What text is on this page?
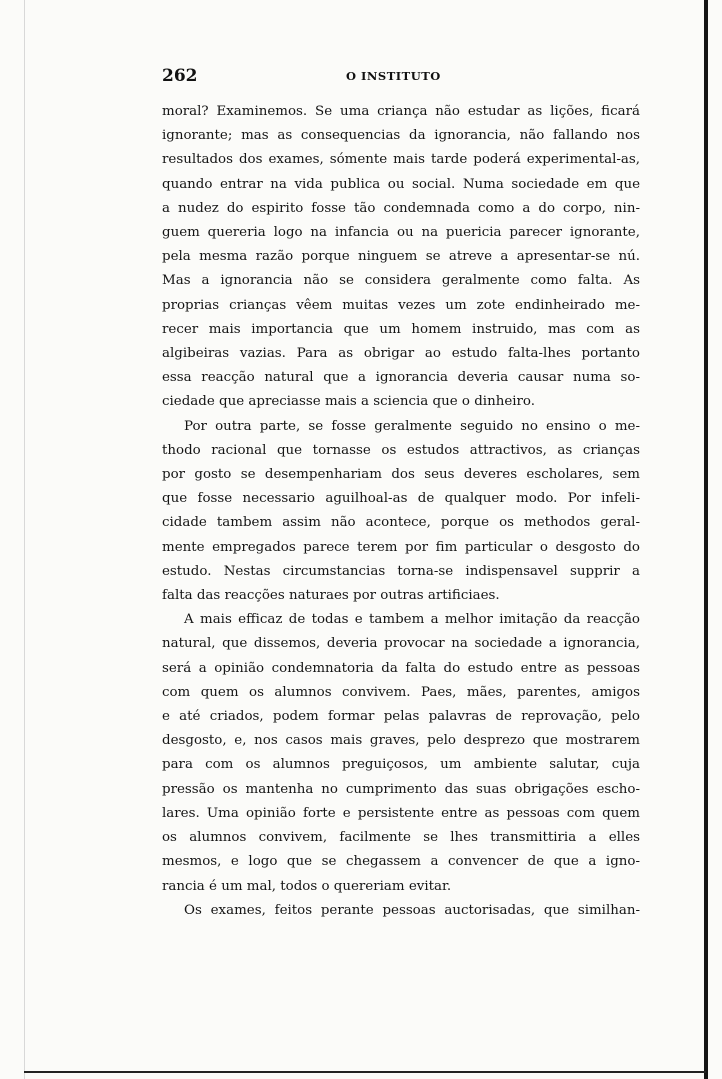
262	O INSTITUTO
moral? Examinemos. Se uma criança não estudar as lições, ficará
ignorante; mas as consequencias da ignorancia, não fallando nos
resultados dos exames, sómente mais tarde poderá experimental-as,
quando entrar na vida publica ou social. Numa sociedade em que
a nudez do espirito fosse tão condemnada como a do corpo, nin-
guem quereria logo na infancia ou na puericia parecer ignorante,
pela mesma razão porque ninguem se atreve a apresentar-se nú.
Mas a ignorancia não se considera geralmente como falta. As
proprias crianças vêem muitas vezes um zote endinheirado me-
recer mais importancia que um homem instruido, mas com as
algibeiras vazias. Para as obrigar ao estudo falta-lhes portanto
essa reacção natural que a ignorancia deveria causar numa so-
ciedade que apreciasse mais a sciencia que o dinheiro.
Por outra parte, se fosse geralmente seguido no ensino o me-
thodo racional que tornasse os estudos attractivos, as crianças
por gosto se desempenhariam dos seus deveres escholares, sem
que fosse necessario aguilhoal-as de qualquer modo. Por infeli-
cidade tambem assim não acontece, porque os methodos geral-
mente empregados parece terem por fim particular o desgosto do
estudo. Nestas circumstancias torna-se indispensavel supprir a
falta das reacções naturaes por outras artificiaes.
A mais efficaz de todas e tambem a melhor imitação da reacção
natural, que dissemos, deveria provocar na sociedade a ignorancia,
será a opinião condemnatoria da falta do estudo entre as pessoas
com quem os alumnos convivem. Paes, mães, parentes, amigos
e até criados, podem formar pelas palavras de reprovação, pelo
desgosto, e, nos casos mais graves, pelo desprezo que mostrarem
para com os alumnos preguiçosos, um ambiente salutar, cuja
pressão os mantenha no cumprimento das suas obrigações escho-
lares. Uma opinião forte e persistente entre as pessoas com quem
os alumnos convivem, facilmente se lhes transmittiria a elles
mesmos, e logo que se chegassem a convencer de que a igno-
rancia é um mal, todos o quereriam evitar.
Os exames, feitos perante pessoas auctorisadas, que similhan-
